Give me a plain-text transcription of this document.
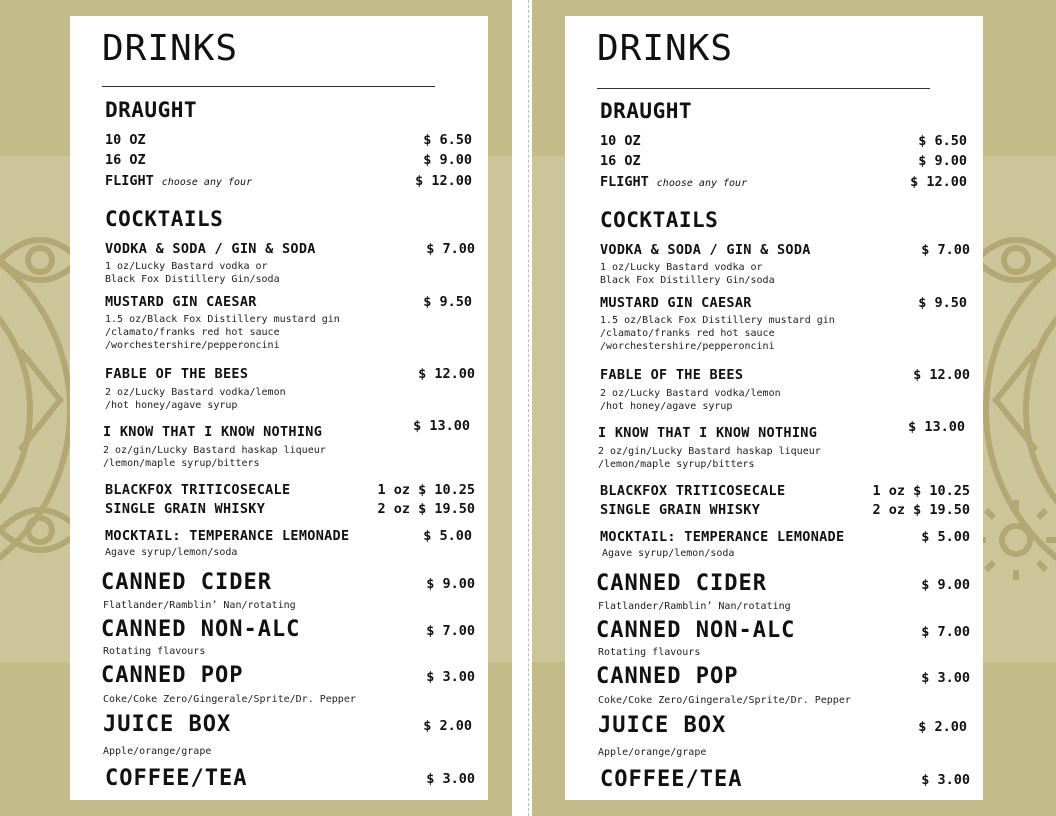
DRINKS
DRAUGHT
10 OZ	$ 6.50
16 OZ	$ 9.00
FLIGHT choose any four	$ 12.00
COCKTAILS
VODKA & SODA / GIN & SODA	$ 7.00
1 oz/Lucky Bastard vodka or
Black Fox Distillery Gin/soda
MUSTARD GIN CAESAR	$ 9.50
1.5 oz/Black Fox Distillery mustard gin
/clamato/franks red hot sauce
/worchestershire/pepperoncini
FABLE OF THE BEES	$ 12.00
2 oz/Lucky Bastard vodka/lemon
/hot honey/agave syrup
I KNOW THAT I KNOW NOTHING	$ 13.00
2 oz/gin/Lucky Bastard haskap liqueur
/lemon/maple syrup/bitters
BLACKFOX TRITICOSECALE	1 oz $ 10.25
SINGLE GRAIN WHISKY	2 oz $ 19.50
MOCKTAIL: TEMPERANCE LEMONADE	$ 5.00
Agave syrup/lemon/soda
CANNED CIDER	$ 9.00
Flatlander/Ramblin’ Nan/rotating
CANNED NON-ALC	$ 7.00
Rotating flavours
CANNED POP	$ 3.00
Coke/Coke Zero/Gingerale/Sprite/Dr. Pepper
JUICE BOX	$ 2.00
Apple/orange/grape
COFFEE/TEA	$ 3.00
DRINKS
DRAUGHT
10 OZ	$ 6.50
16 OZ	$ 9.00
FLIGHT choose any four	$ 12.00
COCKTAILS
VODKA & SODA / GIN & SODA	$ 7.00
1 oz/Lucky Bastard vodka or
Black Fox Distillery Gin/soda
MUSTARD GIN CAESAR	$ 9.50
1.5 oz/Black Fox Distillery mustard gin
/clamato/franks red hot sauce
/worchestershire/pepperoncini
FABLE OF THE BEES	$ 12.00
2 oz/Lucky Bastard vodka/lemon
/hot honey/agave syrup
I KNOW THAT I KNOW NOTHING	$ 13.00
2 oz/gin/Lucky Bastard haskap liqueur
/lemon/maple syrup/bitters
BLACKFOX TRITICOSECALE	1 oz $ 10.25
SINGLE GRAIN WHISKY	2 oz $ 19.50
MOCKTAIL: TEMPERANCE LEMONADE	$ 5.00
Agave syrup/lemon/soda
CANNED CIDER	$ 9.00
Flatlander/Ramblin’ Nan/rotating
CANNED NON-ALC	$ 7.00
Rotating flavours
CANNED POP	$ 3.00
Coke/Coke Zero/Gingerale/Sprite/Dr. Pepper
JUICE BOX	$ 2.00
Apple/orange/grape
COFFEE/TEA	$ 3.00
